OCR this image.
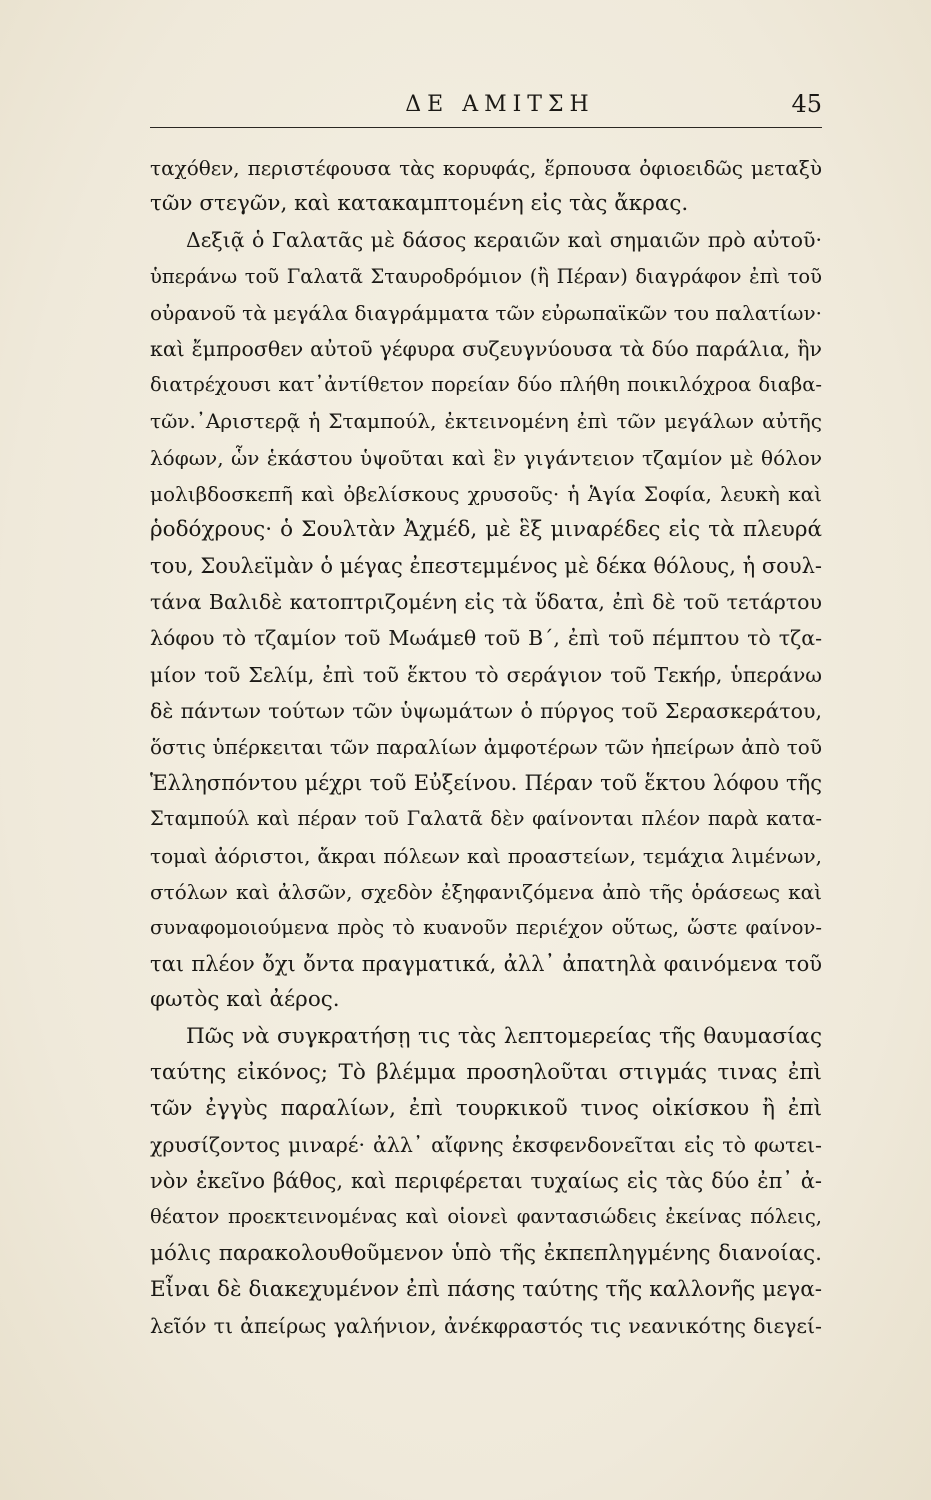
ΔΕ ΑΜΙΤΣΗ	45
ταχόθεν, περιστέφουσα τὰς κορυφάς, ἕρπουσα ὀφιοειδῶς μεταξὺ
τῶν στεγῶν, καὶ κατακαμπτομένη εἰς τὰς ἄκρας.
Δεξιᾷ ὁ Γαλατᾶς μὲ δάσος κεραιῶν καὶ σημαιῶν πρὸ αὐτοῦ·
ὑπεράνω τοῦ Γαλατᾶ Σταυροδρόμιον (ἢ Πέραν) διαγράφον ἐπὶ τοῦ
οὐρανοῦ τὰ μεγάλα διαγράμματα τῶν εὐρωπαϊκῶν του παλατίων·
καὶ ἔμπροσθεν αὐτοῦ γέφυρα συζευγνύουσα τὰ δύο παράλια, ἣν
διατρέχουσι κατ᾽ἀντίθετον πορείαν δύο πλήθη ποικιλόχροα διαβα-
τῶν.᾽Αριστερᾷ ἡ Σταμπούλ, ἐκτεινομένη ἐπὶ τῶν μεγάλων αὐτῆς
λόφων, ὧν ἑκάστου ὑψοῦται καὶ ἓν γιγάντειον τζαμίον μὲ θόλον
μολιβδοσκεπῆ καὶ ὀβελίσκους χρυσοῦς· ἡ Ἁγία Σοφία, λευκὴ καὶ
ῥοδόχρους· ὁ Σουλτὰν Ἀχμέδ, μὲ ἓξ μιναρέδες εἰς τὰ πλευρά
του, Σουλεϊμὰν ὁ μέγας ἐπεστεμμένος μὲ δέκα θόλους, ἡ σουλ-
τάνα Βαλιδὲ κατοπτριζομένη εἰς τὰ ὕδατα, ἐπὶ δὲ τοῦ τετάρτου
λόφου τὸ τζαμίον τοῦ Μωάμεθ τοῦ Β΄, ἐπὶ τοῦ πέμπτου τὸ τζα-
μίον τοῦ Σελίμ, ἐπὶ τοῦ ἕκτου τὸ σεράγιον τοῦ Τεκήρ, ὑπεράνω
δὲ πάντων τούτων τῶν ὑψωμάτων ὁ πύργος τοῦ Σερασκεράτου,
ὅστις ὑπέρκειται τῶν παραλίων ἀμφοτέρων τῶν ἠπείρων ἀπὸ τοῦ
Ἑλλησπόντου μέχρι τοῦ Εὐξείνου. Πέραν τοῦ ἕκτου λόφου τῆς
Σταμπούλ καὶ πέραν τοῦ Γαλατᾶ δὲν φαίνονται πλέον παρὰ κατα-
τομαὶ ἀόριστοι, ἄκραι πόλεων καὶ προαστείων, τεμάχια λιμένων,
στόλων καὶ ἀλσῶν, σχεδὸν ἐξηφανιζόμενα ἀπὸ τῆς ὁράσεως καὶ
συναφομοιούμενα πρὸς τὸ κυανοῦν περιέχον οὕτως, ὥστε φαίνον-
ται πλέον ὄχι ὄντα πραγματικά, ἀλλ᾽ ἀπατηλὰ φαινόμενα τοῦ
φωτὸς καὶ ἀέρος.
Πῶς νὰ συγκρατήσῃ τις τὰς λεπτομερείας τῆς θαυμασίας
ταύτης εἰκόνος; Τὸ βλέμμα προσηλοῦται στιγμάς τινας ἐπὶ
τῶν ἐγγὺς παραλίων, ἐπὶ τουρκικοῦ τινος οἰκίσκου ἢ ἐπὶ
χρυσίζοντος μιναρέ· ἀλλ᾽ αἴφνης ἐκσφενδονεῖται εἰς τὸ φωτει-
νὸν ἐκεῖνο βάθος, καὶ περιφέρεται τυχαίως εἰς τὰς δύο ἐπ᾽ ἀ-
θέατον προεκτεινομένας καὶ οἱονεὶ φαντασιώδεις ἐκείνας πόλεις,
μόλις παρακολουθοῦμενον ὑπὸ τῆς ἐκπεπληγμένης διανοίας.
Εἶναι δὲ διακεχυμένον ἐπὶ πάσης ταύτης τῆς καλλονῆς μεγα-
λεῖόν τι ἀπείρως γαλήνιον, ἀνέκφραστός τις νεανικότης διεγεί-
